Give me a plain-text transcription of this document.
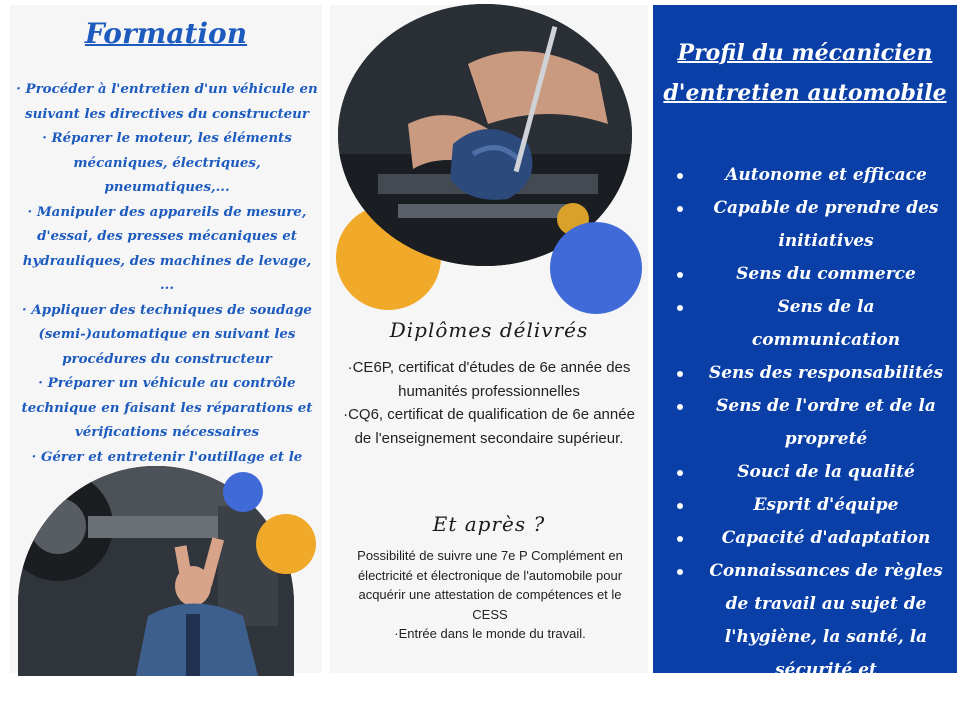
Formation
· Procéder à l'entretien d'un véhicule en suivant les directives du constructeur
· Réparer le moteur, les éléments mécaniques, électriques, pneumatiques,...
· Manipuler des appareils de mesure, d'essai, des presses mécaniques et hydrauliques, des machines de levage, ...
· Appliquer des techniques de soudage (semi-)automatique en suivant les procédures du constructeur
· Préparer un véhicule au contrôle technique en faisant les réparations et vérifications nécessaires
· Gérer et entretenir l'outillage et le
Diplômes délivrés
·CE6P, certificat d'études de 6e année des humanités professionnelles
·CQ6, certificat de qualification de 6e année de l'enseignement secondaire supérieur.
Et après ?
Possibilité de suivre une 7e P Complément en électricité et électronique de l'automobile pour acquérir une attestation de compétences et le CESS
·Entrée dans le monde du travail.
Profil du mécanicien
d'entretien automobile
Autonome et efficace
Capable de prendre des initiatives
Sens du commerce
Sens de la communication
Sens des responsabilités
Sens de l'ordre et de la propreté
Souci de la qualité
Esprit d'équipe
Capacité d'adaptation
Connaissances de règles de travail au sujet de l'hygiène, la santé, la sécurité et l'environnement
